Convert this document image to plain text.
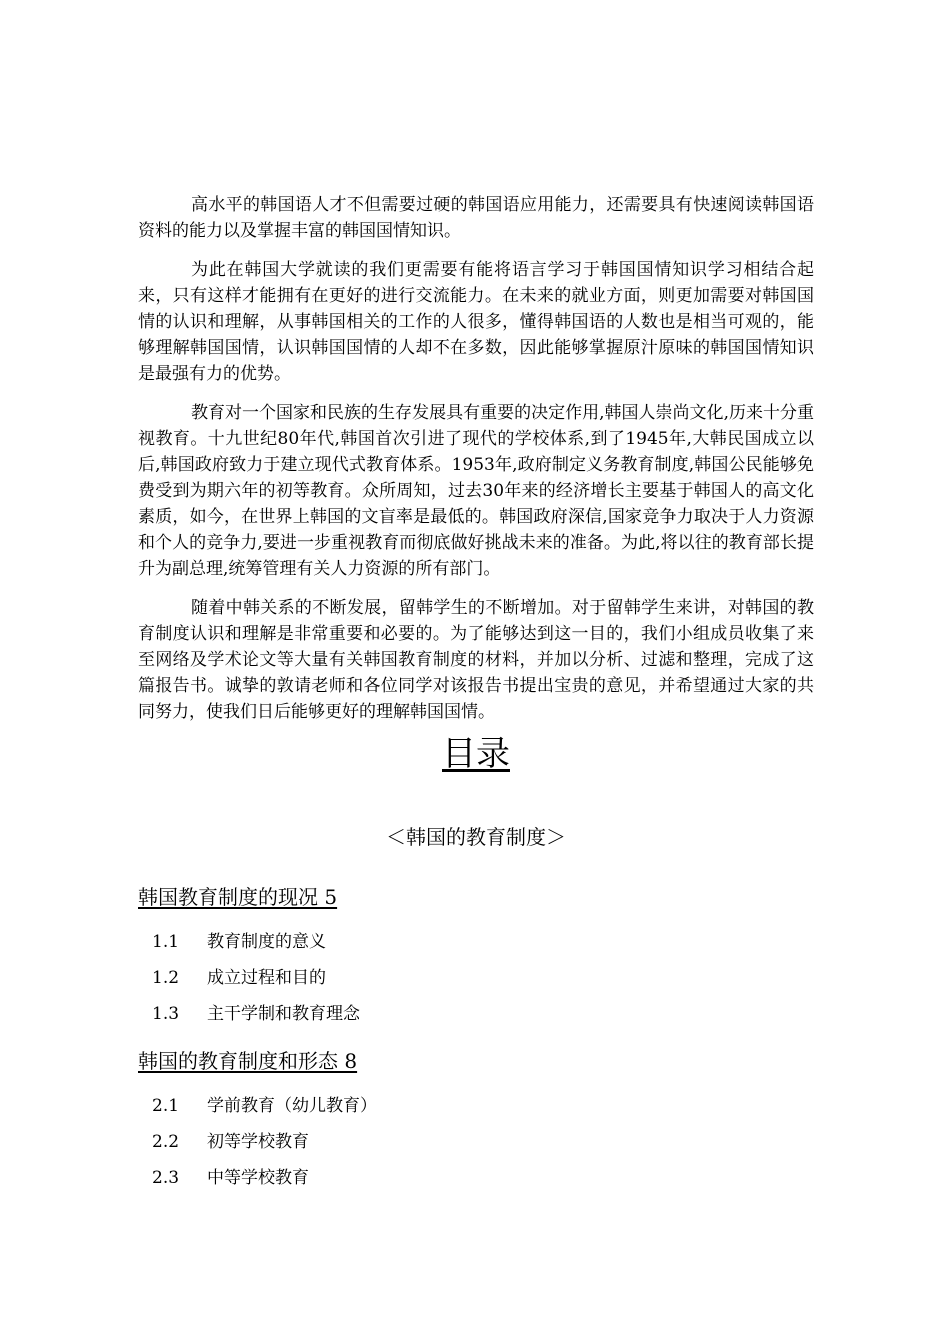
高水平的韩国语人才不但需要过硬的韩国语应用能力，还需要具有快速阅读韩国语资料的能力以及掌握丰富的韩国国情知识。

为此在韩国大学就读的我们更需要有能将语言学习于韩国国情知识学习相结合起来，只有这样才能拥有在更好的进行交流能力。在未来的就业方面，则更加需要对韩国国情的认识和理解，从事韩国相关的工作的人很多，懂得韩国语的人数也是相当可观的，能够理解韩国国情，认识韩国国情的人却不在多数，因此能够掌握原汁原味的韩国国情知识是最强有力的优势。

教育对一个国家和民族的生存发展具有重要的决定作用,韩国人崇尚文化,历来十分重视教育。十九世纪80年代,韩国首次引进了现代的学校体系,到了1945年,大韩民国成立以后,韩国政府致力于建立现代式教育体系。1953年,政府制定义务教育制度,韩国公民能够免费受到为期六年的初等教育。众所周知，过去30年来的经济增长主要基于韩国人的高文化素质，如今，在世界上韩国的文盲率是最低的。韩国政府深信,国家竞争力取决于人力资源和个人的竞争力,要进一步重视教育而彻底做好挑战未来的准备。为此,将以往的教育部长提升为副总理,统筹管理有关人力资源的所有部门。

随着中韩关系的不断发展，留韩学生的不断增加。对于留韩学生来讲，对韩国的教育制度认识和理解是非常重要和必要的。为了能够达到这一目的，我们小组成员收集了来至网络及学术论文等大量有关韩国教育制度的材料，并加以分析、过滤和整理，完成了这篇报告书。诚挚的敦请老师和各位同学对该报告书提出宝贵的意见，并希望通过大家的共同努力，使我们日后能够更好的理解韩国国情。

目录
＜韩国的教育制度＞
韩国教育制度的现况 5
1.1	教育制度的意义
1.2	成立过程和目的
1.3	主干学制和教育理念
韩国的教育制度和形态 8
2.1	学前教育（幼儿教育）
2.2	初等学校教育
2.3	中等学校教育
